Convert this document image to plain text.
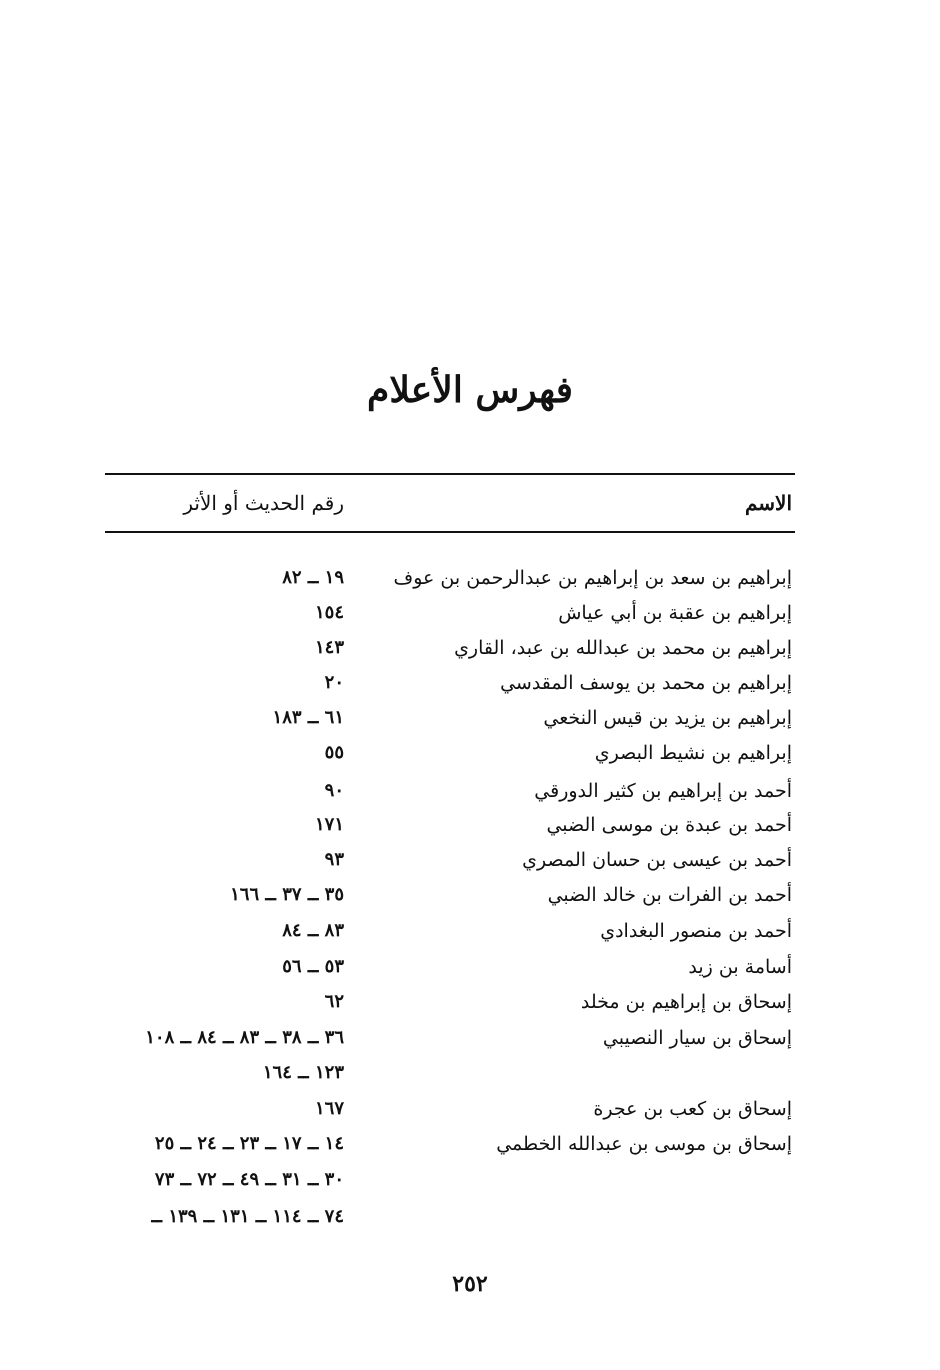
فهرس الأعلام
الاسم
رقم الحديث أو الأثر
إبراهيم بن سعد بن إبراهيم بن عبدالرحمن بن عوف
١٩ ــ ٨٢
إبراهيم بن عقبة بن أبي عياش
١٥٤
إبراهيم بن محمد بن عبدالله بن عبد، القاري
١٤٣
إبراهيم بن محمد بن يوسف المقدسي
٢٠
إبراهيم بن يزيد بن قيس النخعي
٦١ ــ ١٨٣
إبراهيم بن نشيط البصري
٥٥
أحمد بن إبراهيم بن كثير الدورقي
٩٠
أحمد بن عبدة بن موسى الضبي
١٧١
أحمد بن عيسى بن حسان المصري
٩٣
أحمد بن الفرات بن خالد الضبي
٣٥ ــ ٣٧ ــ ١٦٦
أحمد بن منصور البغدادي
٨٣ ــ ٨٤
أسامة بن زيد
٥٣ ــ ٥٦
إسحاق بن إبراهيم بن مخلد
٦٢
إسحاق بن سيار النصيبي
٣٦ ــ ٣٨ ــ ٨٣ ــ ٨٤ ــ ١٠٨
١٢٣ ــ ١٦٤
إسحاق بن كعب بن عجرة
١٦٧
إسحاق بن موسى بن عبدالله الخطمي
١٤ ــ ١٧ ــ ٢٣ ــ ٢٤ ــ ٢٥
٣٠ ــ ٣١ ــ ٤٩ ــ ٧٢ ــ ٧٣
٧٤ ــ ١١٤ ــ ١٣١ ــ ١٣٩ ــ
٢٥٢
